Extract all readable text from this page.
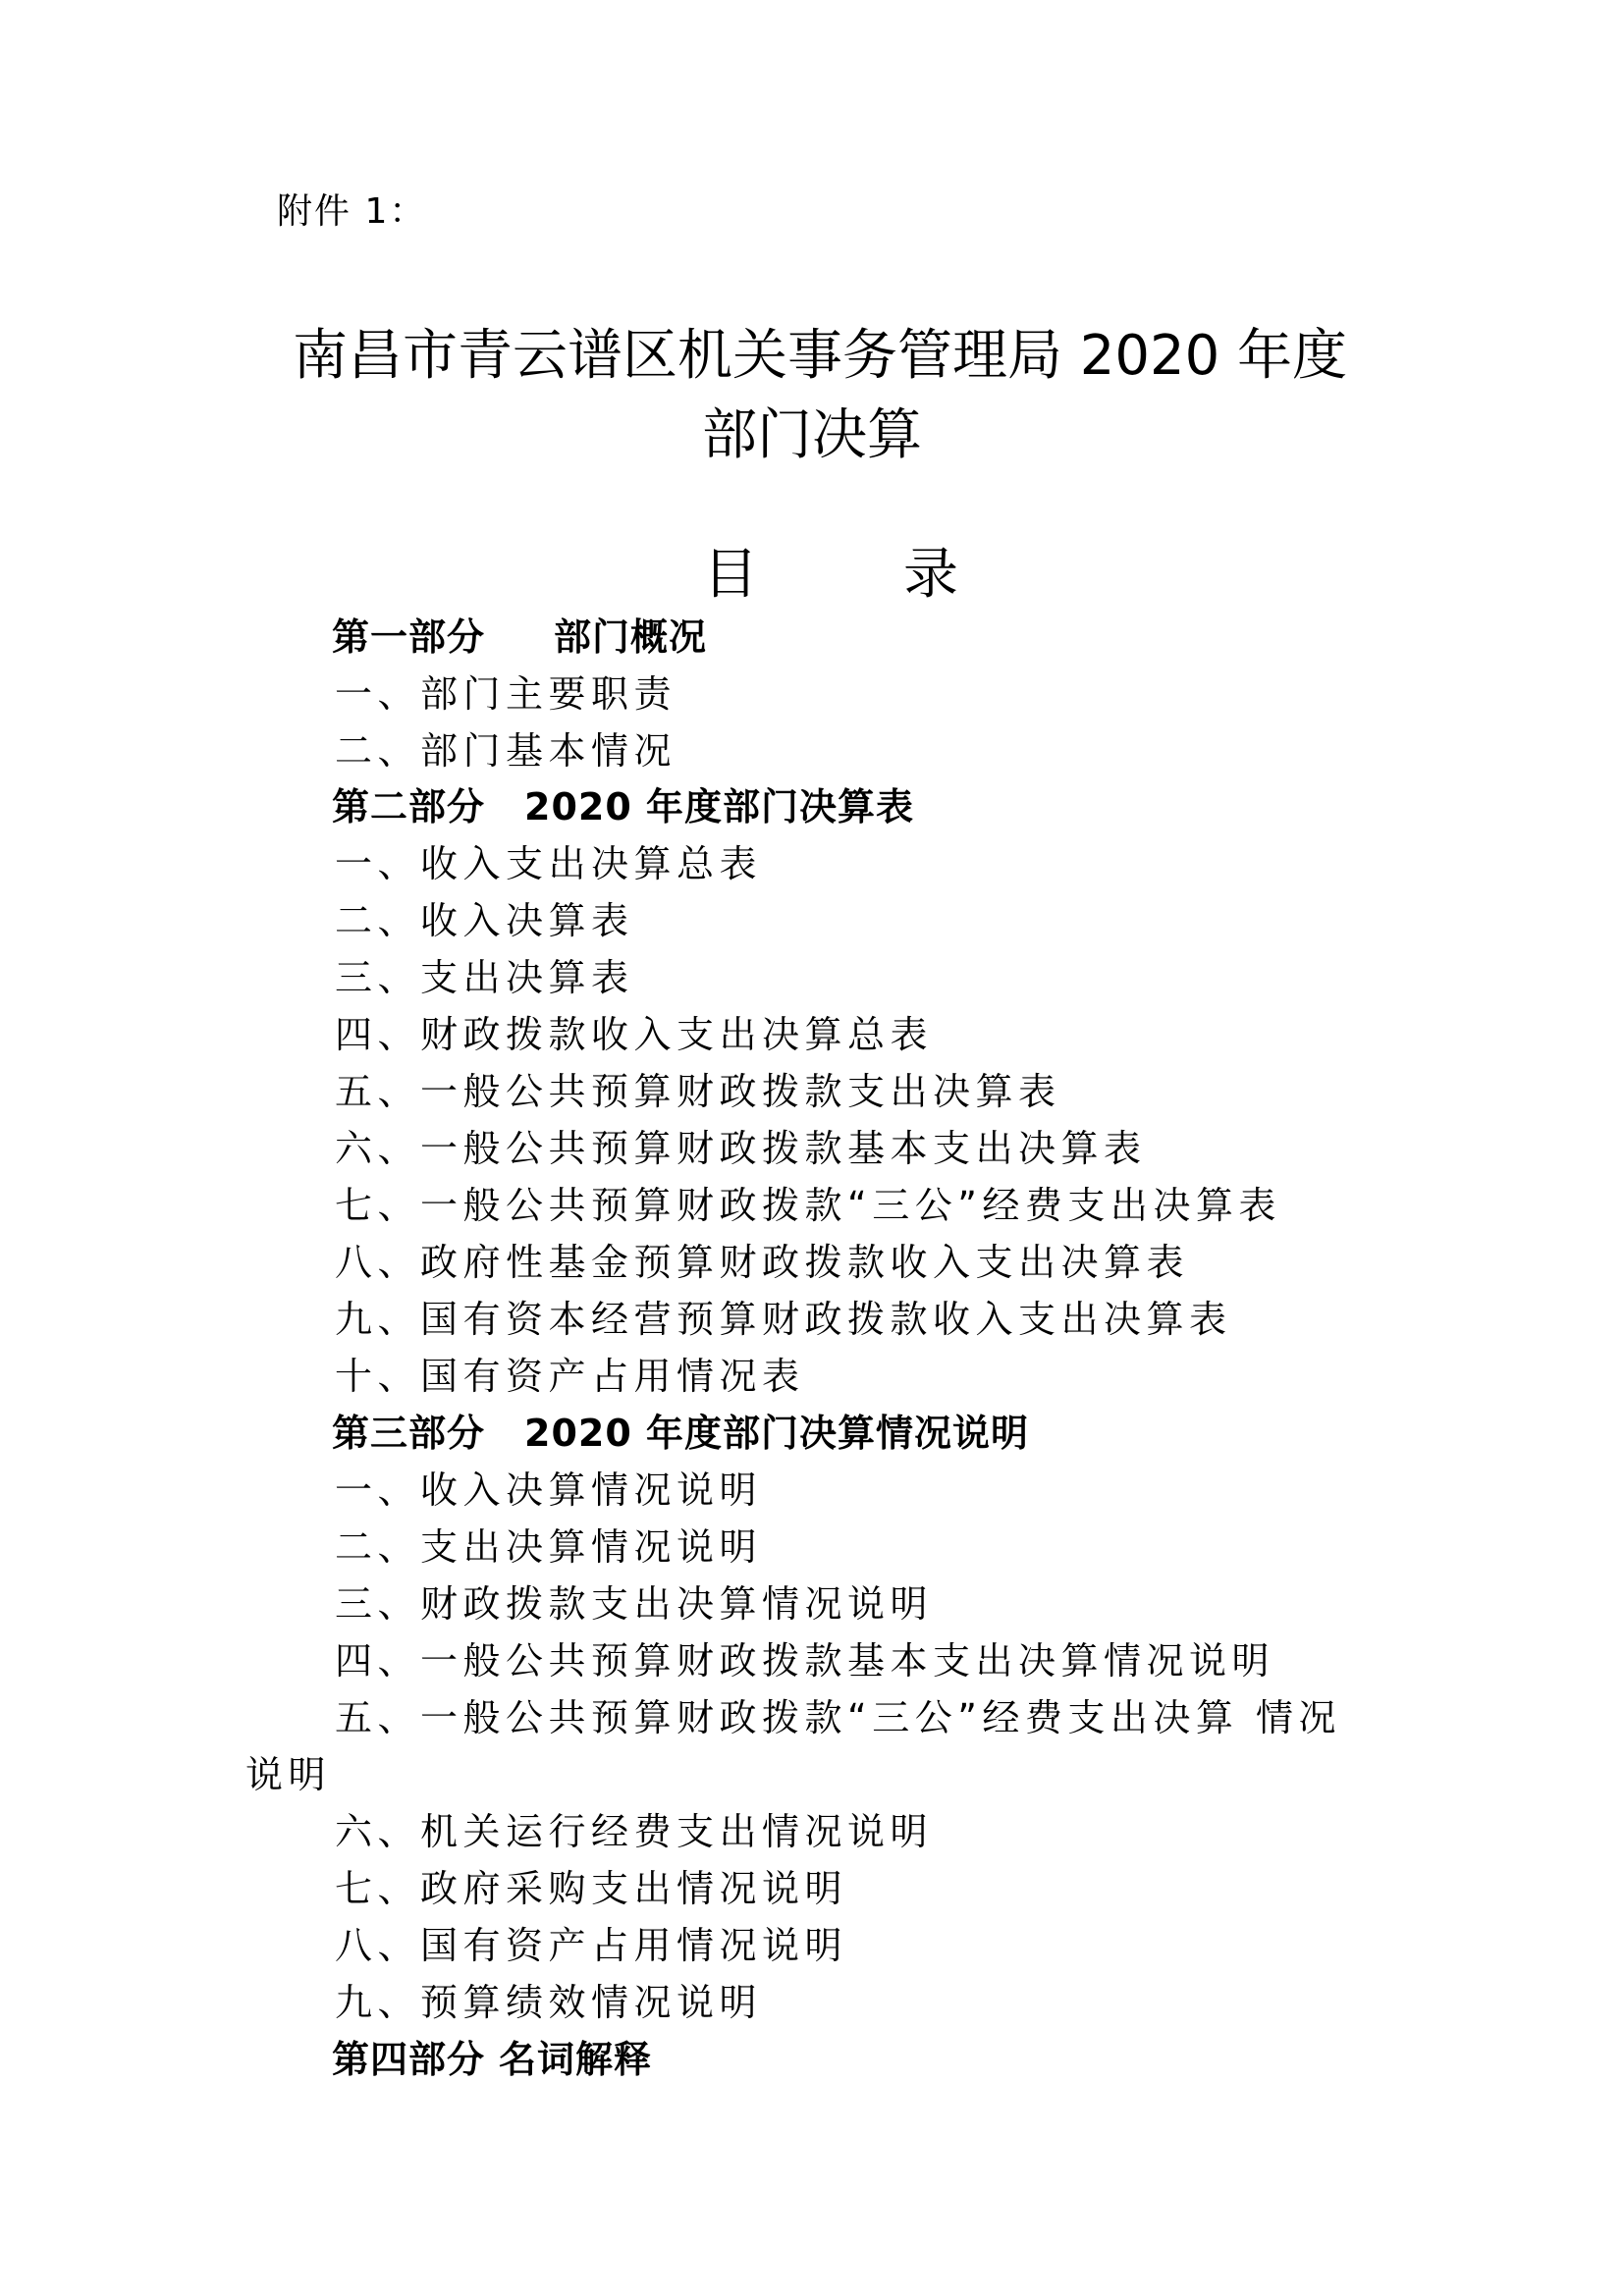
附件 1：
南昌市青云谱区机关事务管理局 2020 年度
部门决算
目	录
第一部分 部门概况
一、部门主要职责
二、部门基本情况
第二部分 2020 年度部门决算表
一、收入支出决算总表
二、收入决算表
三、支出决算表
四、财政拨款收入支出决算总表
五、一般公共预算财政拨款支出决算表
六、一般公共预算财政拨款基本支出决算表
七、一般公共预算财政拨款“三公”经费支出决算表
八、政府性基金预算财政拨款收入支出决算表
九、国有资本经营预算财政拨款收入支出决算表
十、国有资产占用情况表
第三部分 2020 年度部门决算情况说明
一、收入决算情况说明
二、支出决算情况说明
三、财政拨款支出决算情况说明
四、一般公共预算财政拨款基本支出决算情况说明
五、一般公共预算财政拨款“三公”经费支出决算 情况
说明
六、机关运行经费支出情况说明
七、政府采购支出情况说明
八、国有资产占用情况说明
九、预算绩效情况说明
第四部分 名词解释
